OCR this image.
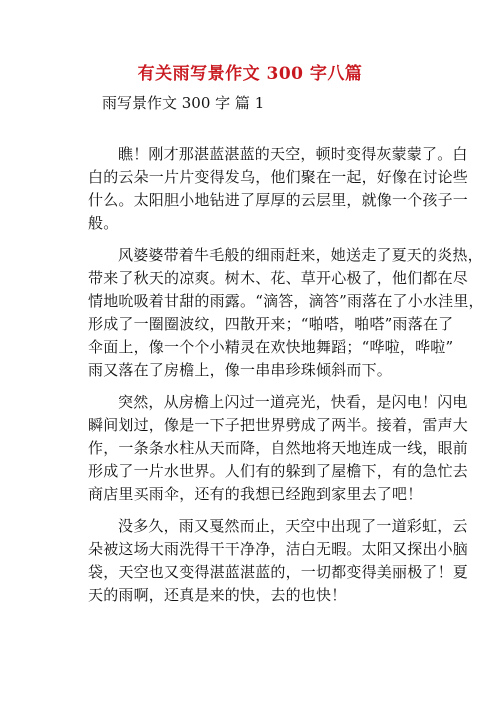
有关雨写景作文 300 字八篇
雨写景作文 300 字 篇 1
瞧！刚才那湛蓝湛蓝的天空，顿时变得灰蒙蒙了。白
白的云朵一片片变得发乌，他们聚在一起，好像在讨论些
什么。太阳胆小地钻进了厚厚的云层里，就像一个孩子一
般。
风婆婆带着牛毛般的细雨赶来，她送走了夏天的炎热，
带来了秋天的凉爽。树木、花、草开心极了，他们都在尽
情地吮吸着甘甜的雨露。“滴答，滴答”雨落在了小水洼里，
形成了一圈圈波纹，四散开来；“啪嗒，啪嗒”雨落在了
伞面上，像一个个小精灵在欢快地舞蹈；“哗啦，哗啦”
雨又落在了房檐上，像一串串珍珠倾斜而下。
突然，从房檐上闪过一道亮光，快看，是闪电！闪电
瞬间划过，像是一下子把世界劈成了两半。接着，雷声大
作，一条条水柱从天而降，自然地将天地连成一线，眼前
形成了一片水世界。人们有的躲到了屋檐下，有的急忙去
商店里买雨伞，还有的我想已经跑到家里去了吧！
没多久，雨又戛然而止，天空中出现了一道彩虹，云
朵被这场大雨洗得干干净净，洁白无暇。太阳又探出小脑
袋，天空也又变得湛蓝湛蓝的，一切都变得美丽极了！夏
天的雨啊，还真是来的快，去的也快！
